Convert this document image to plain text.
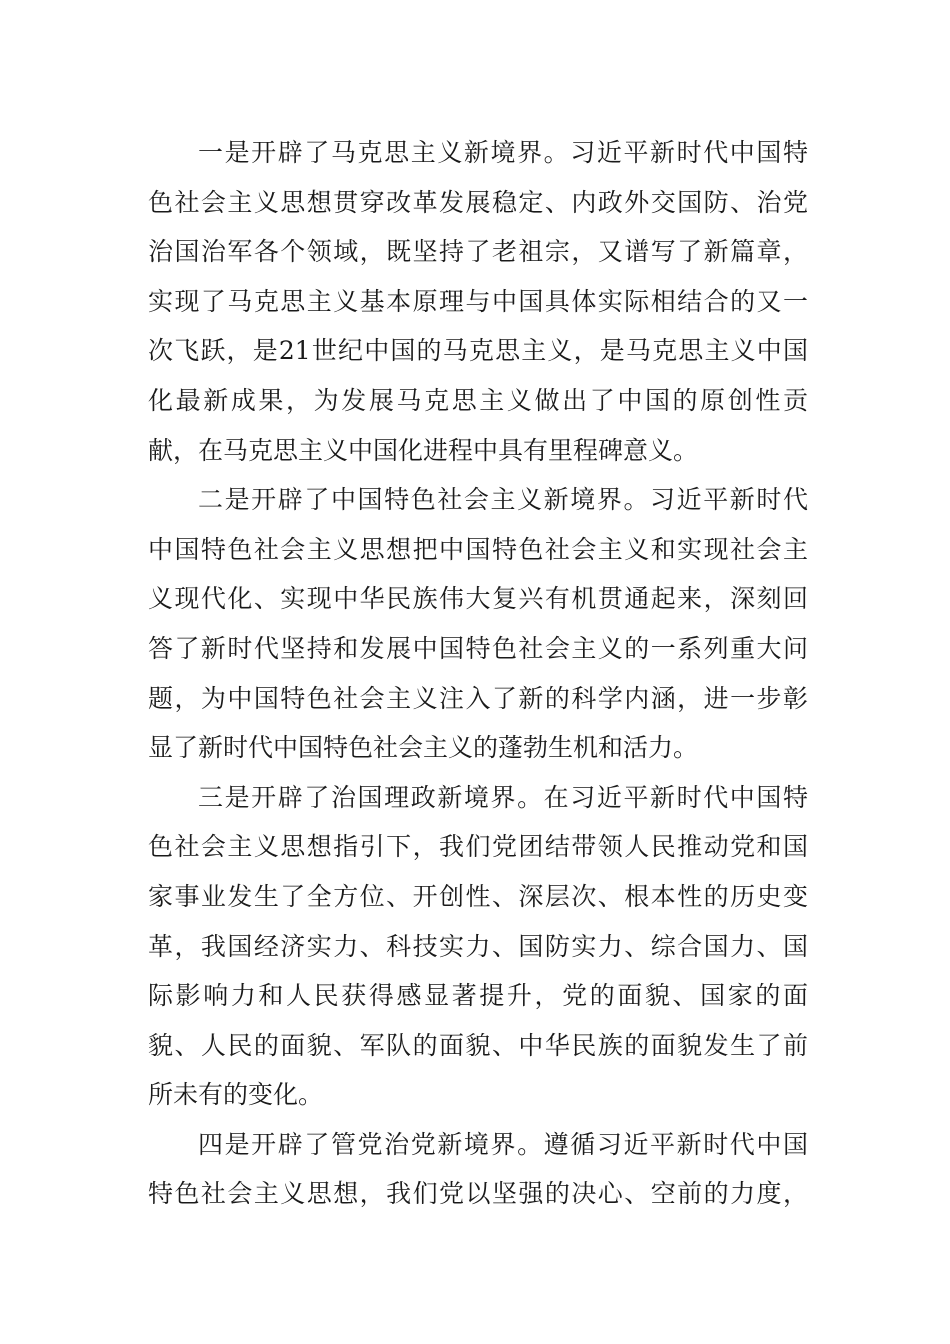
一是开辟了马克思主义新境界。习近平新时代中国特
色社会主义思想贯穿改革发展稳定、内政外交国防、治党
治国治军各个领域，既坚持了老祖宗，又谱写了新篇章，
实现了马克思主义基本原理与中国具体实际相结合的又一
次飞跃，是21世纪中国的马克思主义，是马克思主义中国
化最新成果，为发展马克思主义做出了中国的原创性贡
献，在马克思主义中国化进程中具有里程碑意义。
二是开辟了中国特色社会主义新境界。习近平新时代
中国特色社会主义思想把中国特色社会主义和实现社会主
义现代化、实现中华民族伟大复兴有机贯通起来，深刻回
答了新时代坚持和发展中国特色社会主义的一系列重大问
题，为中国特色社会主义注入了新的科学内涵，进一步彰
显了新时代中国特色社会主义的蓬勃生机和活力。
三是开辟了治国理政新境界。在习近平新时代中国特
色社会主义思想指引下，我们党团结带领人民推动党和国
家事业发生了全方位、开创性、深层次、根本性的历史变
革，我国经济实力、科技实力、国防实力、综合国力、国
际影响力和人民获得感显著提升，党的面貌、国家的面
貌、人民的面貌、军队的面貌、中华民族的面貌发生了前
所未有的变化。
四是开辟了管党治党新境界。遵循习近平新时代中国
特色社会主义思想，我们党以坚强的决心、空前的力度，
